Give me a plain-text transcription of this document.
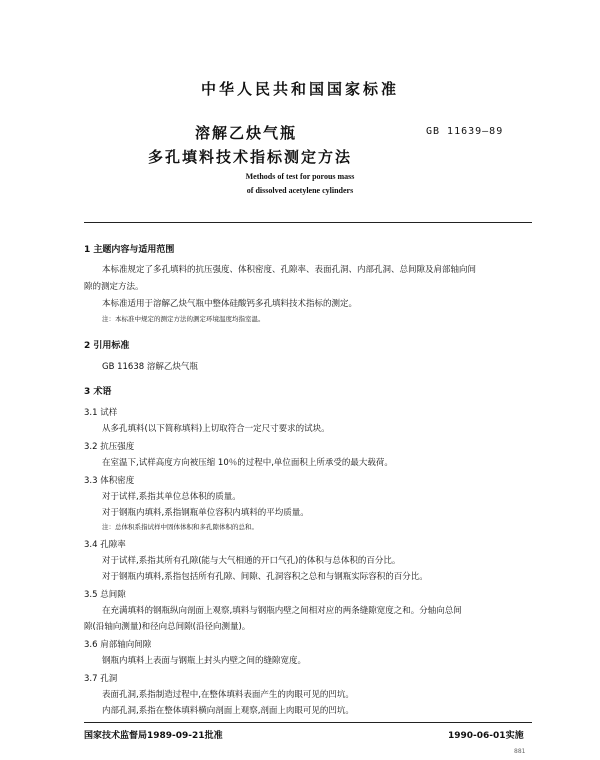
中华人民共和国国家标准
溶解乙炔气瓶
多孔填料技术指标测定方法
GB 11639—89
Methods of test for porous mass
of dissolved acetylene cylinders
1 主题内容与适用范围
本标准规定了多孔填料的抗压强度、体积密度、孔隙率、表面孔洞、内部孔洞、总间隙及肩部轴向间
隙的测定方法。
本标准适用于溶解乙炔气瓶中整体硅酸钙多孔填料技术指标的测定。
注：本标准中规定的测定方法的测定环境温度均指室温。
2 引用标准
GB 11638 溶解乙炔气瓶
3 术语
3.1 试样
从多孔填料(以下简称填料)上切取符合一定尺寸要求的试块。
3.2 抗压强度
在室温下,试样高度方向被压缩 10％的过程中,单位面积上所承受的最大载荷。
3.3 体积密度
对于试样,系指其单位总体积的质量。
对于钢瓶内填料,系指钢瓶单位容积内填料的平均质量。
注：总体积系指试样中固体体积和多孔隙体积的总和。
3.4 孔隙率
对于试样,系指其所有孔隙(能与大气相通的开口气孔)的体积与总体积的百分比。
对于钢瓶内填料,系指包括所有孔隙、间隙、孔洞容积之总和与钢瓶实际容积的百分比。
3.5 总间隙
在充满填料的钢瓶纵向剖面上观察,填料与钢瓶内壁之间相对应的两条缝隙宽度之和。分轴向总间
隙(沿轴向测量)和径向总间隙(沿径向测量)。
3.6 肩部轴向间隙
钢瓶内填料上表面与钢瓶上封头内壁之间的缝隙宽度。
3.7 孔洞
表面孔洞,系指制造过程中,在整体填料表面产生的肉眼可见的凹坑。
内部孔洞,系指在整体填料横向剖面上观察,剖面上肉眼可见的凹坑。
国家技术监督局1989-09-21批准	1990-06-01实施
881
